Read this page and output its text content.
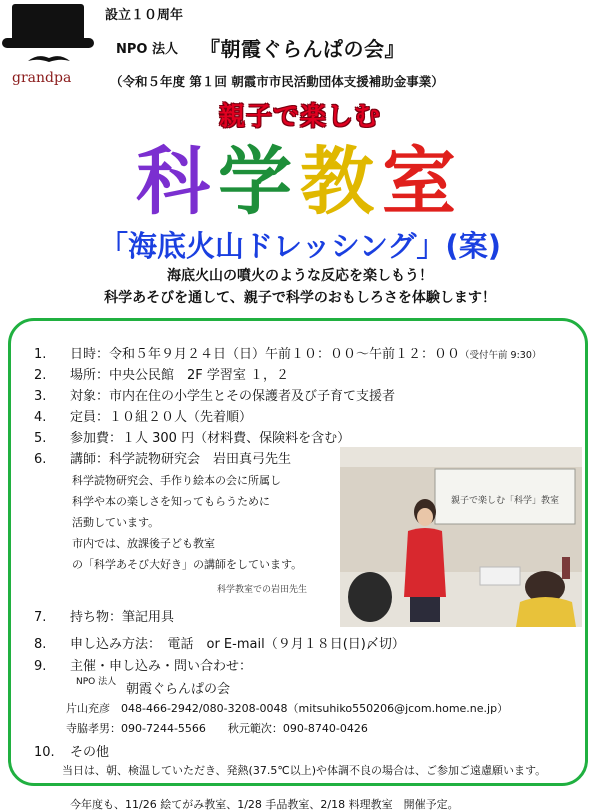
grandpa
設立１０周年
NPO 法人 『朝霞ぐらんぱの会』
（令和５年度 第１回 朝霞市市民活動団体支援補助金事業）
親子で楽しむ
科学教室
「海底火山ドレッシング」(案)
海底火山の噴火のような反応を楽しもう！
科学あそびを通して、親子で科学のおもしろさを体験します！
1. 日時：令和５年９月２４日（日）午前１０：００～午前１２：００（受付午前 9:30）
2. 場所：中央公民館　2F 学習室 １，２
3. 対象：市内在住の小学生とその保護者及び子育て支援者
4. 定員：１０組２０人（先着順）
5. 参加費：１人 300 円（材料費、保険料を含む）
6. 講師：科学読物研究会　岩田真弓先生
科学読物研究会、手作り絵本の会に所属し
科学や本の楽しさを知ってもらうために
活動しています。
市内では、放課後子ども教室
の「科学あそび大好き」の講師をしています。
親子で楽しむ「科学」教室
科学教室での岩田先生
7. 持ち物：筆記用具
8. 申し込み方法：　電話　or E-mail（９月１８日(日)〆切）
9. 主催・申し込み・問い合わせ：
NPO 法人 朝霞ぐらんぱの会
片山充彦　048-466-2942/080-3208-0048（mitsuhiko550206@jcom.home.ne.jp）
寺脇孝男：090-7244-5566　　秋元範次：090-8740-0426
10. その他
当日は、朝、検温していただき、発熱(37.5℃以上)や体調不良の場合は、ご参加ご遠慮願います。
今年度も、11/26 絵てがみ教室、1/28 手品教室、2/18 料理教室　開催予定。
